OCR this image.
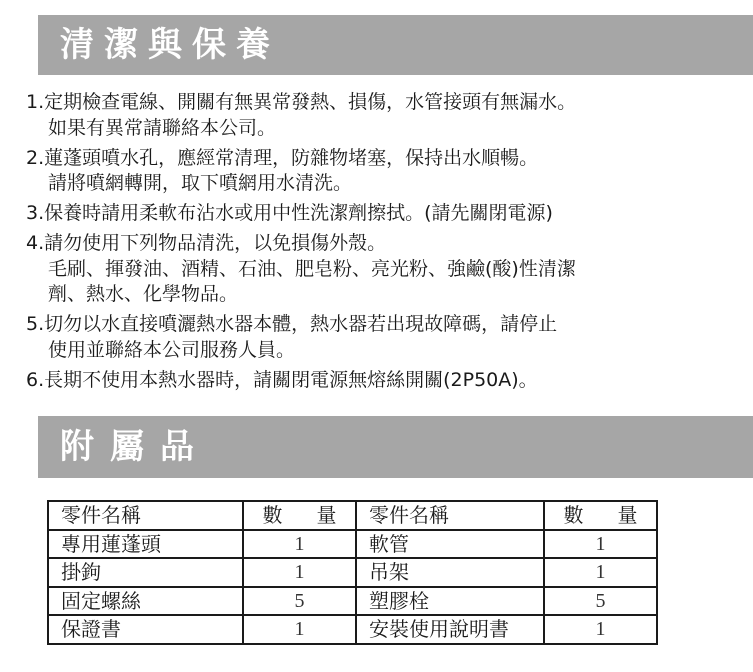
清潔與保養
1.定期檢查電線、開關有無異常發熱、損傷，水管接頭有無漏水。
如果有異常請聯絡本公司。
2.蓮蓬頭噴水孔，應經常清理，防雜物堵塞，保持出水順暢。
請將噴網轉開，取下噴網用水清洗。
3.保養時請用柔軟布沾水或用中性洗潔劑擦拭。(請先關閉電源)
4.請勿使用下列物品清洗，以免損傷外殼。
毛刷、揮發油、酒精、石油、肥皂粉、亮光粉、強鹼(酸)性清潔
劑、熱水、化學物品。
5.切勿以水直接噴灑熱水器本體，熱水器若出現故障碼，請停止
使用並聯絡本公司服務人員。
6.長期不使用本熱水器時，請關閉電源無熔絲開關(2P50A)。
附屬品
零件名稱	數 量	零件名稱	數 量
專用蓮蓬頭	1	軟管	1
掛鉤	1	吊架	1
固定螺絲	5	塑膠栓	5
保證書	1	安裝使用說明書	1
